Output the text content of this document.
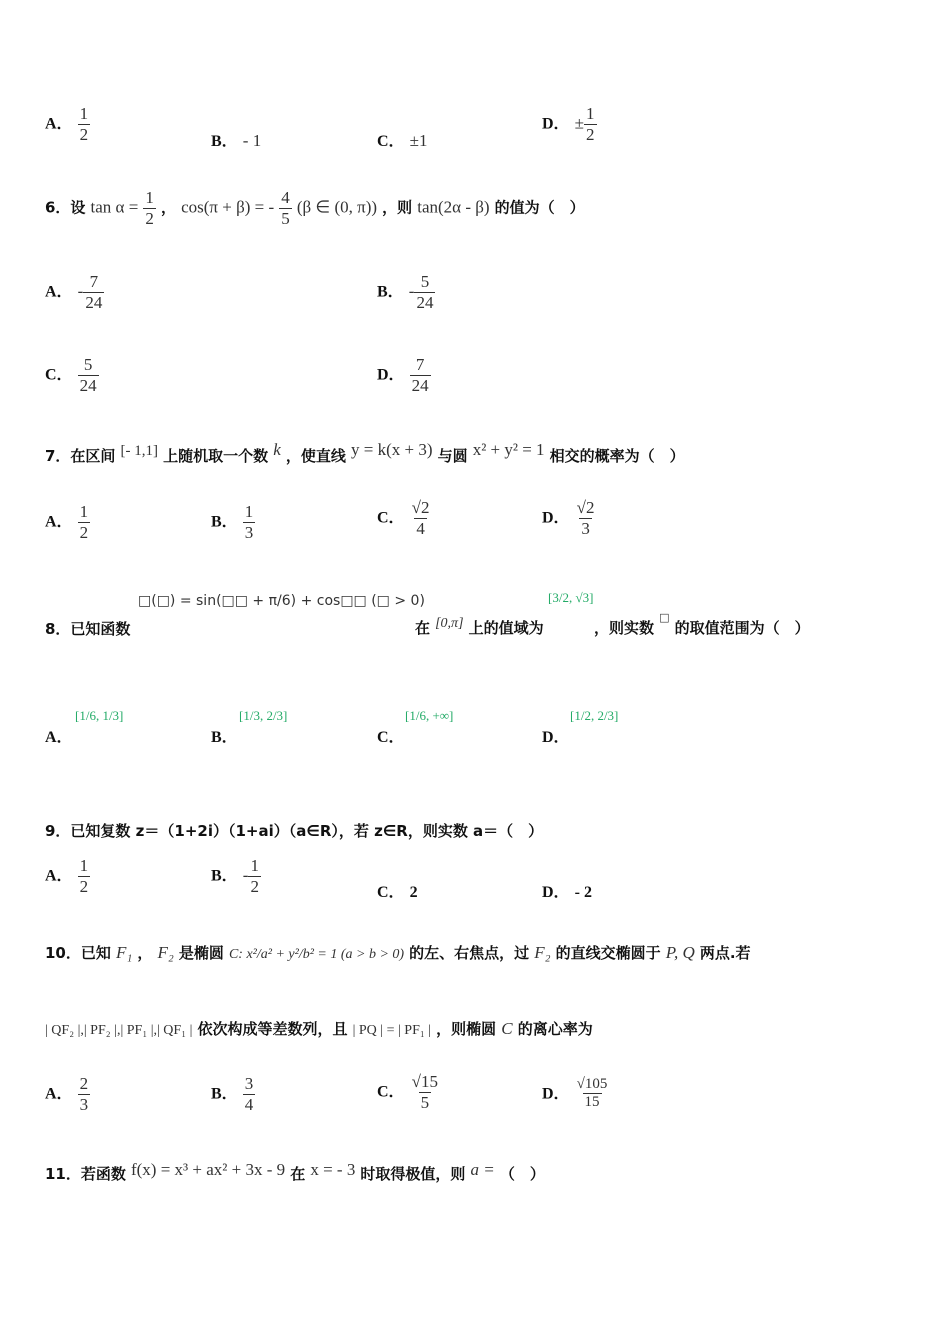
A． $\frac{1}{2}$	B． - 1	C． ±1
D． ± $\frac{1}{2}$
6．设 $\tan \alpha = \frac{1}{2}$ ， cos(π + β) = - $\frac{4}{5} (\beta$ ∈ (0, π)) ，则 tan(2α - β) 的值为（　）
A． - $\frac{7}{24}$	B． - $\frac{5}{24}$
C． $\frac{5}{24}$	D． $\frac{7}{24}$
7．在区间 [- 1,1] 上随机取一个数 k ，使直线 y = k(x + 3) 与圆 x² + y² = 1 相交的概率为（　）
A． $\frac{1}{2}$	B． $\frac{1}{3}$	C． $\frac{√2}{4}$	D． $\frac{√2}{3}$
□(□) = sin(□□ + π/6) + cos□□ (□ > 0)	[3/2, √3]
8．已知函数	在 [0,π] 上的值域为	，则实数 □ 的取值范围为（　）
[1/6, 1/3]
A．
[1/3, 2/3]
B．
[1/6, +∞]
C．
[1/2, 2/3]
D．
9．已知复数 z＝（1+2i）（1+ai）（a∈R），若 z∈R，则实数 a＝（　）
A． $\frac{1}{2}$	B． - $\frac{1}{2}$	C． 2	D． - 2
10．已知 F₁ ， F₂ 是椭圆 C: x²/a² + y²/b² = 1 (a > b > 0) 的左、右焦点，过 F₂ 的直线交椭圆于 P, Q 两点.若
| QF₂ |,| PF₂ |,| PF₁ |,| QF₁ | 依次构成等差数列，且 | PQ | = | PF₁ | ，则椭圆 C 的离心率为
A． $\frac{2}{3}$	B． $\frac{3}{4}$	C． $\frac{√15}{5}$	D． $\frac{√105}{15}$
11．若函数 f(x) = x³ + ax² + 3x - 9 在 x = - 3 时取得极值，则 a = （　）
